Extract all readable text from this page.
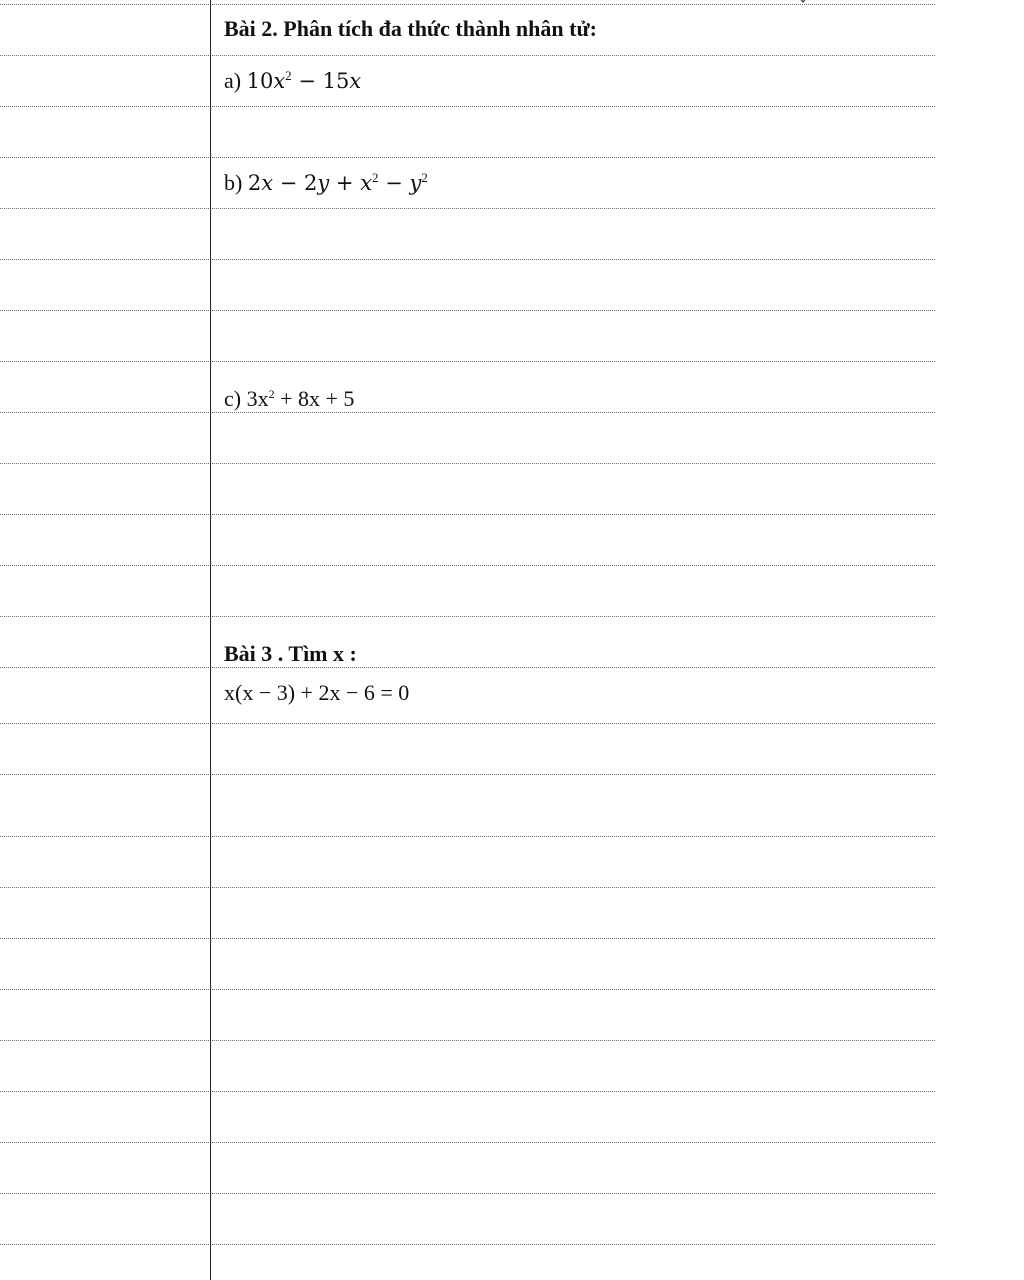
Bài 2. Phân tích đa thức thành nhân tử:
a) $10x^2 - 15x$
b) $2x - 2y + x^2 - y^2$
c) $3x^2 + 8x + 5$
Bài 3 . Tìm x :
x(x − 3) + 2x − 6 = 0
